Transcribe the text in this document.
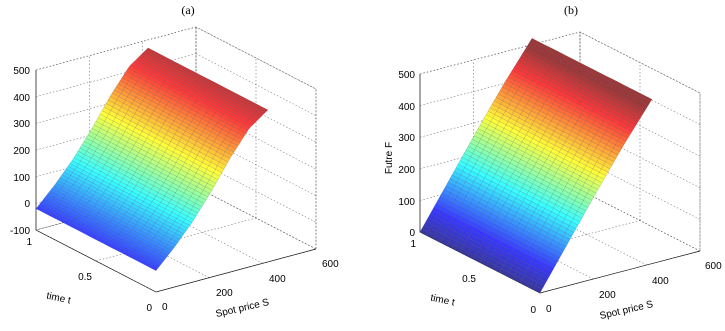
(a)
500
400
300
200
100
0
-100
1
0.5
0 0
200
400
600
time t	Spot price S
(b)
500
400
300
200
100
0
1
0.5
0 0
200
400
600
Futre F
time t	Spot price S
